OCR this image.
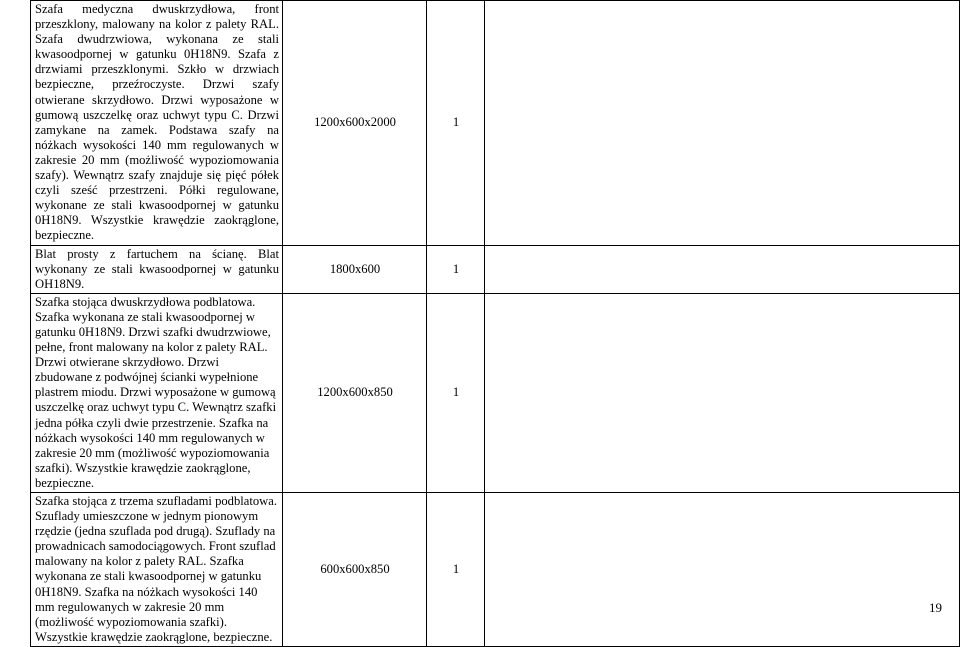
Szafa medyczna dwuskrzydłowa, front przeszklony, malowany na kolor z palety RAL. Szafa dwudrzwiowa, wykonana ze stali kwasoodpornej w gatunku 0H18N9. Szafa z drzwiami przeszklonymi. Szkło w drzwiach bezpieczne, przeźroczyste. Drzwi szafy otwierane skrzydłowo. Drzwi wyposażone w gumową uszczelkę oraz uchwyt typu C. Drzwi zamykane na zamek. Podstawa szafy na nóżkach wysokości 140 mm regulowanych w zakresie 20 mm (możliwość wypoziomowania szafy). Wewnątrz szafy znajduje się pięć półek czyli sześć przestrzeni. Półki regulowane, wykonane ze stali kwasoodpornej w gatunku 0H18N9. Wszystkie krawędzie zaokrąglone, bezpieczne.	1200x600x2000	1	

Blat prosty z fartuchem na ścianę. Blat wykonany ze stali kwasoodpornej w gatunku OH18N9.	1800x600	1	

Szafka stojąca dwuskrzydłowa podblatowa. Szafka wykonana ze stali kwasoodpornej w gatunku 0H18N9. Drzwi szafki dwudrzwiowe, pełne, front malowany na kolor z palety RAL. Drzwi otwierane skrzydłowo. Drzwi zbudowane z podwójnej ścianki wypełnione plastrem miodu. Drzwi wyposażone w gumową uszczelkę oraz uchwyt typu C. Wewnątrz szafki jedna półka czyli dwie przestrzenie. Szafka na nóżkach wysokości 140 mm regulowanych w zakresie 20 mm (możliwość wypoziomowania szafki). Wszystkie krawędzie zaokrąglone, bezpieczne.	1200x600x850	1	

Szafka stojąca z trzema szufladami podblatowa. Szuflady umieszczone w jednym pionowym rzędzie (jedna szuflada pod drugą). Szuflady na prowadnicach samodociągowych. Front szuflad malowany na kolor z palety RAL. Szafka wykonana ze stali kwasoodpornej w gatunku 0H18N9. Szafka na nóżkach wysokości 140 mm regulowanych w zakresie 20 mm (możliwość wypoziomowania szafki). Wszystkie krawędzie zaokrąglone, bezpieczne.	600x600x850	1	
19
